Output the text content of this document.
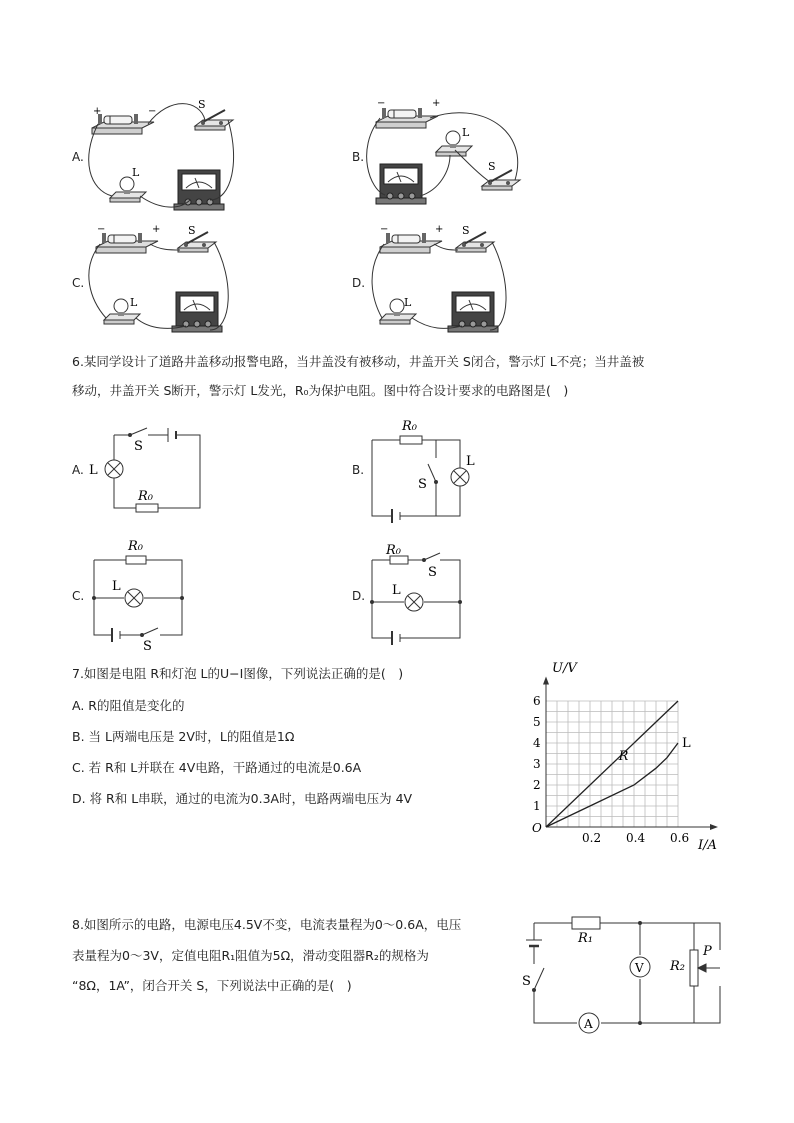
+	−
S
L
−	+
L
S
−	+	S
L
−	+ S
L
A.	B.
C.	D.
6.某同学设计了道路井盖移动报警电路，当井盖没有被移动，井盖开关 S闭合，警示灯 L不亮；当井盖被
移动，井盖开关 S断开，警示灯 L发光，R₀为保护电阻。图中符合设计要求的电路图是(　)
L
S
R₀
L
S
R₀
L
S
R₀
L
S
R₀
A.	B.
C.	D.
7.如图是电阻 R和灯泡 L的U−I图像，下列说法正确的是(　)
A. R的阻值是变化的
B. 当 L两端电压是 2V时，L的阻值是1Ω
C. 若 R和 L并联在 4V电路，干路通过的电流是0.6A
D. 将 R和 L串联，通过的电流为0.3A时，电路两端电压为 4V
0.2 0.4 0.6
1
2
3
4
5
6
O
U/V
I/A
R
L
8.如图所示的电路，电源电压4.5V不变，电流表量程为0～0.6A，电压
表量程为0～3V，定值电阻R₁阻值为5Ω，滑动变阻器R₂的规格为
“8Ω，1A”，闭合开关 S，下列说法中正确的是(　)
V
A
R₁
R₂
P
S
